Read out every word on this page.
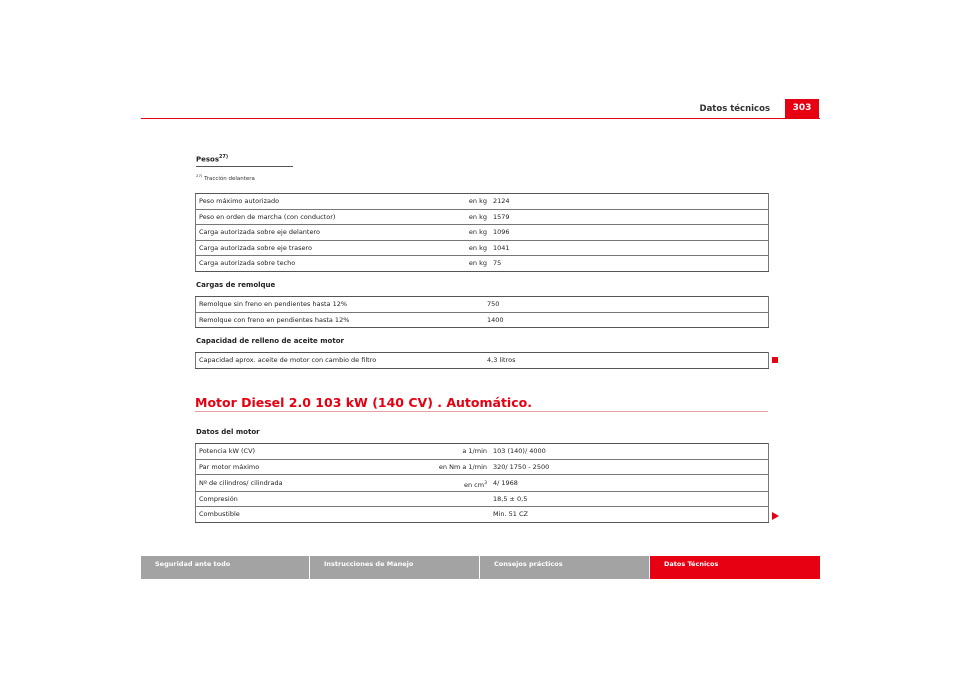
Datos técnicos	303
Pesos$^{27)}$
$^{27)}$ Tracción delantera
Peso máximo autorizado	en kg	2124
Peso en orden de marcha (con conductor)	en kg	1579
Carga autorizada sobre eje delantero	en kg	1096
Carga autorizada sobre eje trasero	en kg	1041
Carga autorizada sobre techo	en kg	75
Cargas de remolque
Remolque sin freno en pendientes hasta 12%	750
Remolque con freno en pendientes hasta 12%	1400
Capacidad de relleno de aceite motor
Capacidad aprox. aceite de motor con cambio de filtro	4,3 litros
Motor Diesel 2.0 103 kW (140 CV) . Automático.
Datos del motor
Potencia kW (CV)	a 1/min	103 (140)/ 4000
Par motor máximo	en Nm a 1/min	320/ 1750 - 2500
Nº de cilindros/ cilindrada	en $cm^3$	4/ 1968
Compresión		18,5 ± 0,5
Combustible		Min. 51 CZ
Seguridad ante todo	Instrucciones de Manejo	Consejos prácticos	Datos Técnicos
